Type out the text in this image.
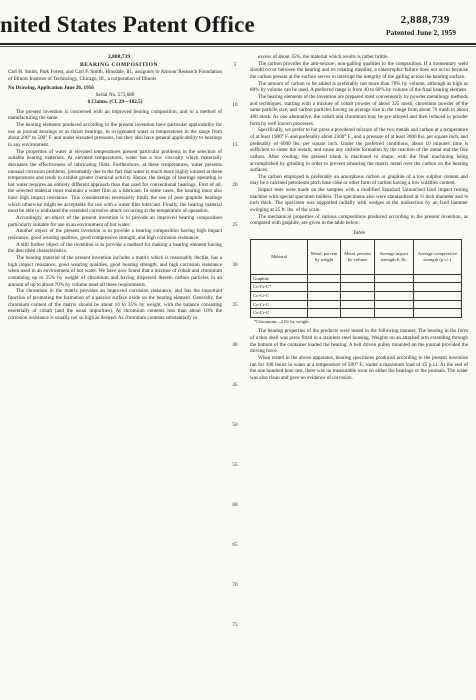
nited States Patent Office	2,888,739
Patented June 2, 1959

2,888,739

BEARING COMPOSITION

Carl H. Smith, Park Forest, and Carl F. Smith, Hinsdale, Ill., assignors to Armour Research Foundation of Illinois Institute of Technology, Chicago, Ill., a corporation of Illinois

No Drawing. Application June 26, 1956

Serial No. 573,688

6 Claims. (Cl. 29—182.5)

The present invention is concerned with an improved bearing composition, and to a method of manufacturing the same.

The bearing elements produced according to the present invention have particular applicability for use as journal bearings or as thrust bearings, in oxygenated water at temperatures in the range from about 200° to 500° F. and under elevated pressures, but they also have general applicability to bearings in any environment.

The properties of water at elevated temperatures present particular problems in the selection of suitable bearing materials. At elevated temperatures, water has a low viscosity which materially decreases the effectiveness of lubricating films. Furthermore, at these temperatures, water presents unusual corrosion problems, presumably due to the fact that water is much more highly ionized at these temperatures and tends to exhibit greater chemical activity. Hence, the design of bearings operating in hot water requires an entirely different approach than that used for conventional bearings. First of all, the selected material must maintain a water film as a lubricant. In some cases, the bearing must also have high impact resistance. This consideration necessarily limits the use of pure graphite bearings which otherwise might be acceptable for use with a water film lubricant. Finally, the bearing material must be able to withstand the extended corrosive attack occurring at the temperature of operation.

Accordingly, an object of the present invention is to provide an improved bearing composition particularly suitable for use in an environment of hot water.

Another object of the present invention is to provide a bearing composition having high impact resistance, good wearing qualities, good compressive strength, and high corrosion resistance.

A still further object of the invention is to provide a method for making a bearing element having the described characteristics.

The bearing material of the present invention includes a matrix which is reasonably ductile, has a high impact resistance, good wearing qualities, good bearing strength, and high corrosion resistance when used in an environment of hot water. We have now found that a mixture of cobalt and chromium containing up to 35% by weight of chromium and having dispersed therein carbon particles in an amount of up to about 70% by volume meet all these requirements.

The chromium in the matrix provides an improved corrosion resistance, and has the important function of promoting the formation of a passive surface oxide on the bearing element. Generally, the chromium content of the matrix should be about 10 to 35% by weight, with the balance consisting essentially of cobalt (and the usual impurities). At chromium contents less than about 10% the corrosion resistance is usually not so high as desired. As chromium contents substantially in

5
10
15
20
25
30
35
40
45
50
55
60
65
70
75

excess of about 35%, the material which results is rather brittle.

The carbon provides the anti-seizure, non-galling qualities to the composition. If a momentary weld should occur between the bearing and its rotating member, a catastrophic failure does not occur because the carbon present at the surface serves to interrupt the integrity of the galling across the bearing surface.

The amount of carbon to be added is preferably not more than 70% by volume, although as high as 80% by volume can be used. A preferred range is from 40 to 60% by volume of the final bearing element.

The bearing elements of the invention are prepared most conveniently by powder metallurgy methods and techniques, starting with a mixture of cobalt powder of about 325 mesh, chromium powder of the same particle size, and carbon particles having an average size in the range from about 70 mesh to about 400 mesh. As one alternative, the cobalt and chromium may be pre-alloyed and then reduced to powder form by well known processes.

Specifically, we prefer to hot press a powdered mixture of the two metals and carbon at a temperature of at least 1900° F. and preferably about 2300° F., and a pressure of at least 3000 lbs. per square inch, and preferably of 6000 lbs. per square inch. Under the preferred conditions, about 10 minutes' time is sufficient to sinter the metals, and cause any carbide formation by the reaction of the metal and the free carbon. After cooling, the pressed blank is machined to shape, with the final machining being accomplished by grinding in order to prevent smearing the matrix metal over the carbon on the bearing surfaces.

The carbon employed is preferably an amorphous carbon or graphite of a low sulphur content and may be a calcined petroleum pitch base coke or other form of carbon having a low volatiles content.

Impact tests were made on the samples with a modified Standard Unnotched Izod impact testing machine with special specimen holders. The specimens also were standardized at ½ inch diameter and ¾ inch thick. The specimen was supported radially with wedges at the midsection by an Izod hammer swinging at 25 ft. lbs. of the scale.

The mechanical properties of various compositions produced according to the present invention, as compared with graphite, are given in the table below:

Table
Material	Metal, percent by weight	Metal, percent by volume	Average impact strength ft.-lb.	Average compressive strength (p.s.i.)
Graphite				
Co-Cr-C*				
Co-Cr-C				
Co-Cr-C				
Co-Cr-C				

*Chromium—21% by weight.

The bearing properties of the products were tested in the following manner. The bearing in the form of a thin shell was press fitted in a stainless steel housing. Weights on an attached arm extending through the bottom of the container loaded the bearing. A belt driven pulley mounted on the journal provided the driving force.

When tested in the above apparatus, bearing specimens produced according to the present invention ran for 100 hours in water at a temperature of 500° F., under a maximum load of 45 p.s.i. At the end of the one hundred hour test, there was no measurable wear on either the bearings or the journals. The water was also clean and gave no evidence of corrosion.
